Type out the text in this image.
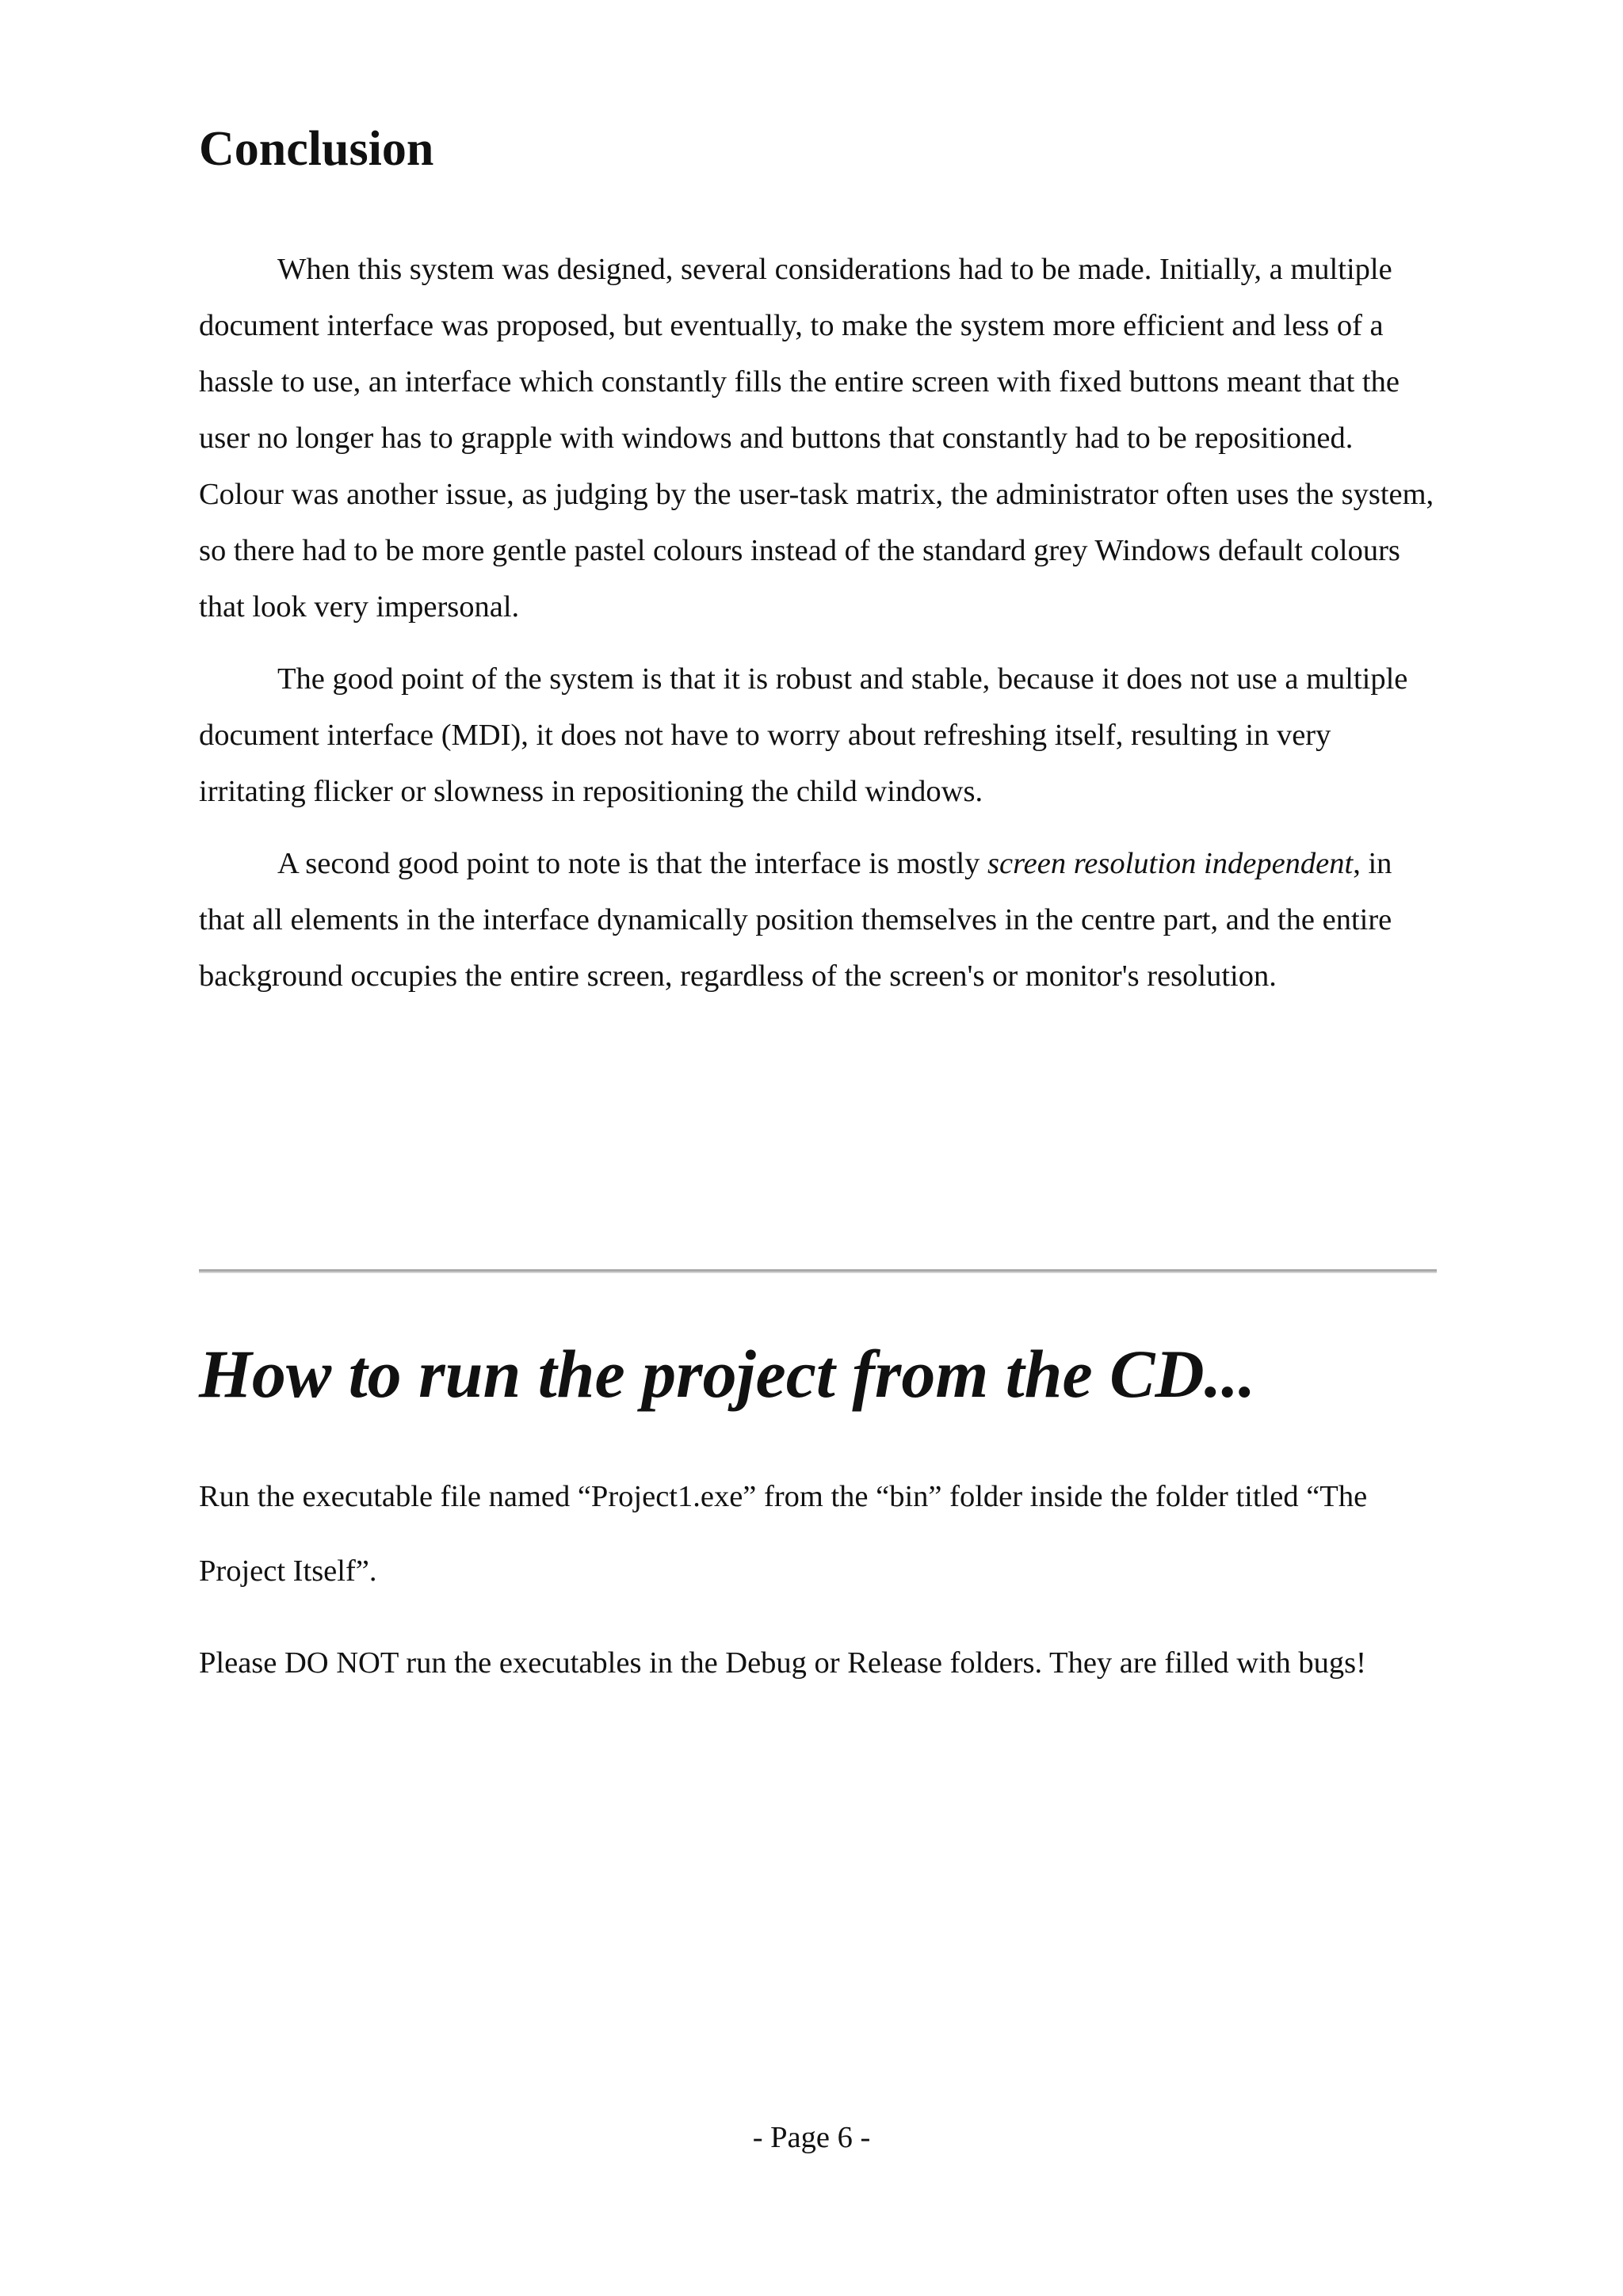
Conclusion

When this system was designed, several considerations had to be made. Initially, a multiple document interface was proposed, but eventually, to make the system more efficient and less of a hassle to use, an interface which constantly fills the entire screen with fixed buttons meant that the user no longer has to grapple with windows and buttons that constantly had to be repositioned. Colour was another issue, as judging by the user-task matrix, the administrator often uses the system, so there had to be more gentle pastel colours instead of the standard grey Windows default colours that look very impersonal.

The good point of the system is that it is robust and stable, because it does not use a multiple document interface (MDI), it does not have to worry about refreshing itself, resulting in very irritating flicker or slowness in repositioning the child windows.

A second good point to note is that the interface is mostly screen resolution independent, in that all elements in the interface dynamically position themselves in the centre part, and the entire background occupies the entire screen, regardless of the screen's or monitor's resolution.

How to run the project from the CD...

Run the executable file named “Project1.exe” from the “bin” folder inside the folder titled “The Project Itself”.

Please DO NOT run the executables in the Debug or Release folders. They are filled with bugs!

- Page 6 -
